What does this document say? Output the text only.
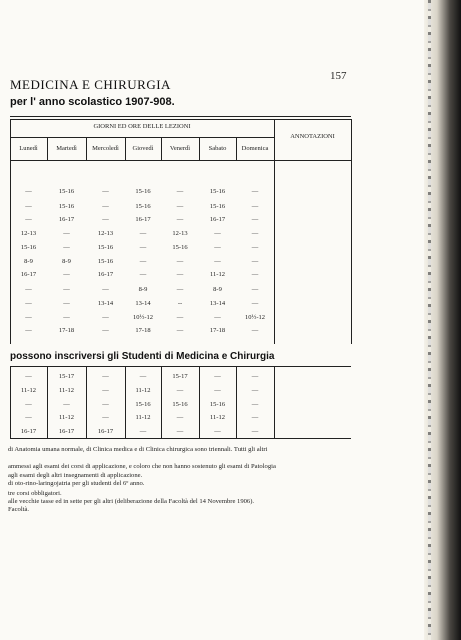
157
MEDICINA E CHIRURGIA
per l' anno scolastico 1907-908.
possono inscriversi gli Studenti di Medicina e Chirurgia
di Anatomia umana normale, di Clinica medica e di Clinica chirurgica sono triennali. Tutti gli altri
ammessi agli esami dei corsi di applicazione, e coloro che non hanno sostenuto gli esami di Patologia
agli esami degli altri insegnamenti di applicazione.
di oto-rino-laringojatria per gli studenti del 6º anno.
tre corsi obbligatori.
alle vecchie tasse ed in sette per gli altri (deliberazione della Facoltà del 14 Novembre 1906).
Facoltà.
GIORNI ED ORE DELLE LEZIONI
ANNOTAZIONI
Lunedì	Martedì	Mercoledì	Giovedì	Venerdì	Sabato	Domenica
—	15-16	—	15-16	—	15-16	—
—	15-16	—	15-16	—	15-16	—
—	16-17	—	16-17	—	16-17	—
12-13	—	12-13	—	12-13	—	—
15-16	—	15-16	—	15-16	—	—
8-9	8-9	15-16	—	—	—	—
16-17	—	16-17	—	—	11-12	—
—	—	—	8-9	—	8-9	—
—	—	13-14	13-14	--	13-14	—
—	—	—	10½-12	—	—	10½-12
—	17-18	—	17-18	—	17-18	—
—	15-17	—	—	15-17	—	—
11-12	11-12	—	11-12	—	—	—
—	—	—	15-16	15-16	15-16	—
—	11-12	—	11-12	—	11-12	—
16-17	16-17	16-17	—	—	—	—
